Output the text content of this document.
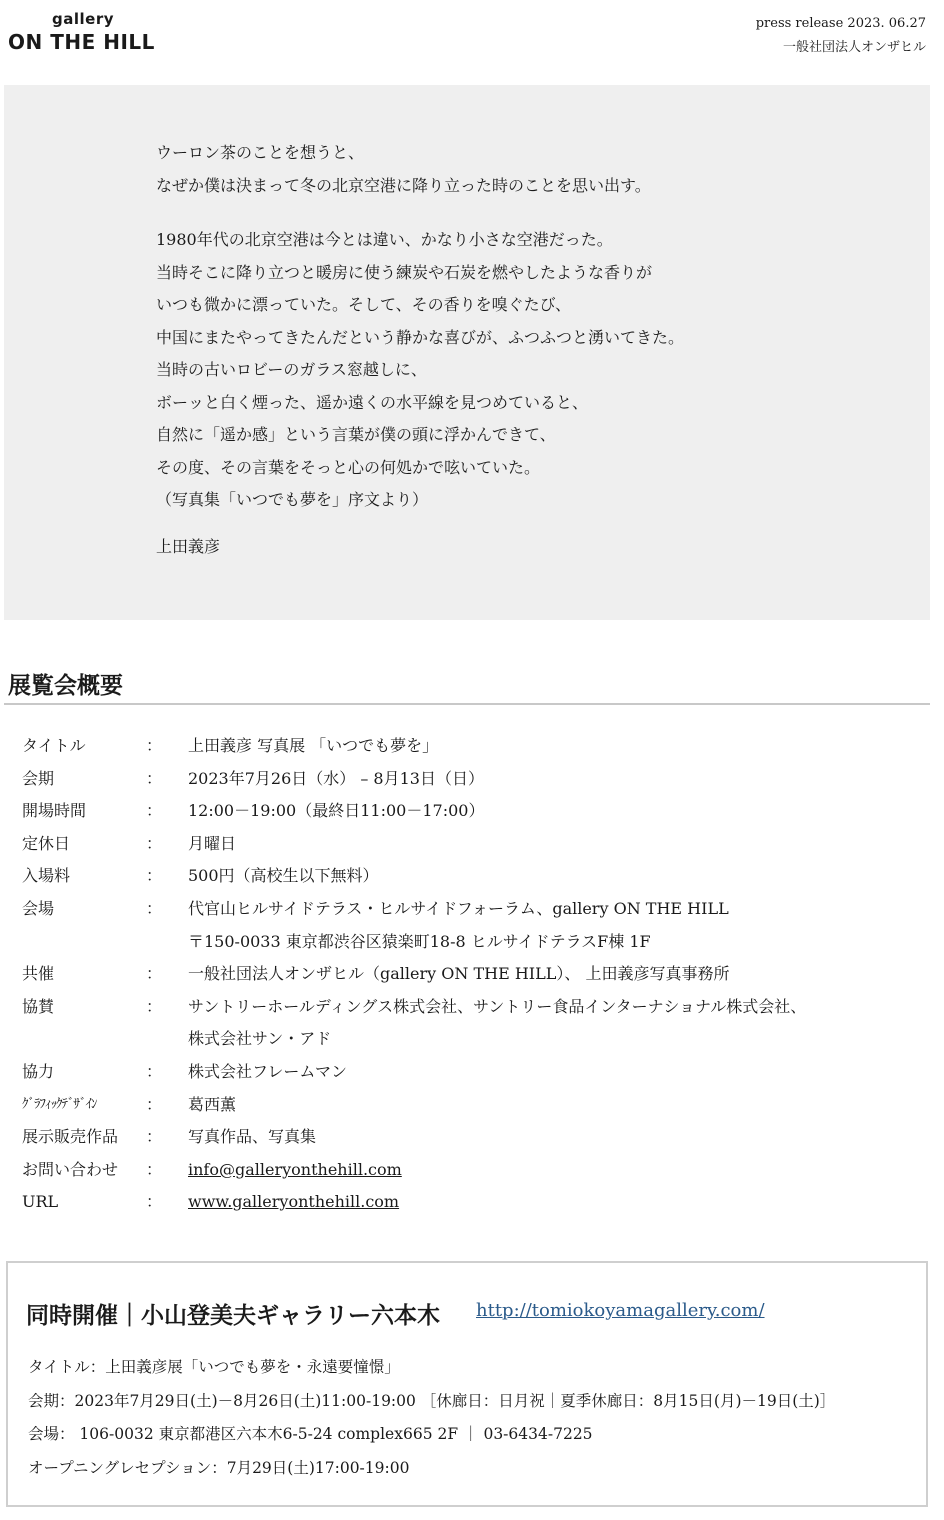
gallery
ON THE HILL
press release 2023. 06.27
一般社団法人オンザヒル

ウーロン茶のことを想うと、

なぜか僕は決まって冬の北京空港に降り立った時のことを思い出す。

1980年代の北京空港は今とは違い、かなり小さな空港だった。

当時そこに降り立つと暖房に使う練炭や石炭を燃やしたような香りが

いつも微かに漂っていた。そして、その香りを嗅ぐたび、

中国にまたやってきたんだという静かな喜びが、ふつふつと湧いてきた。

当時の古いロビーのガラス窓越しに、

ボーッと白く煙った、遥か遠くの水平線を見つめていると、

自然に「遥か感」という言葉が僕の頭に浮かんできて、

その度、その言葉をそっと心の何処かで呟いていた。

（写真集「いつでも夢を」序文より）

上田義彦

展覧会概要
タイトル	：	上田義彦 写真展 「いつでも夢を」
会期	：	2023年7月26日（水） – 8月13日（日）
開場時間	：	12:00－19:00（最終日11:00－17:00）
定休日	：	月曜日
入場料	：	500円（高校生以下無料）
会場	：	代官山ヒルサイドテラス・ヒルサイドフォーラム、gallery ON THE HILL
〒150-0033 東京都渋谷区猿楽町18-8 ヒルサイドテラスF棟 1F
共催	：	一般社団法人オンザヒル（gallery ON THE HILL）、 上田義彦写真事務所
協賛	：	サントリーホールディングス株式会社、サントリー食品インターナショナル株式会社、
株式会社サン・アド
協力	：	株式会社フレームマン
ｸﾞﾗﾌｨｯｸﾃﾞｻﾞｲﾝ	：	葛西薫
展示販売作品	：	写真作品、写真集
お問い合わせ	：	info@galleryonthehill.com
URL	：	www.galleryonthehill.com
同時開催｜小山登美夫ギャラリー六本木 http://tomiokoyamagallery.com/
タイトル：上田義彦展「いつでも夢を・永遠要憧憬」
会期：2023年7月29日(土)－8月26日(土)11:00-19:00 ［休廊日：日月祝｜夏季休廊日：8月15日(月)－19日(土)］
会場： 106-0032 東京都港区六本木6-5-24 complex665 2F ｜ 03-6434-7225
オープニングレセプション：7月29日(土)17:00-19:00
